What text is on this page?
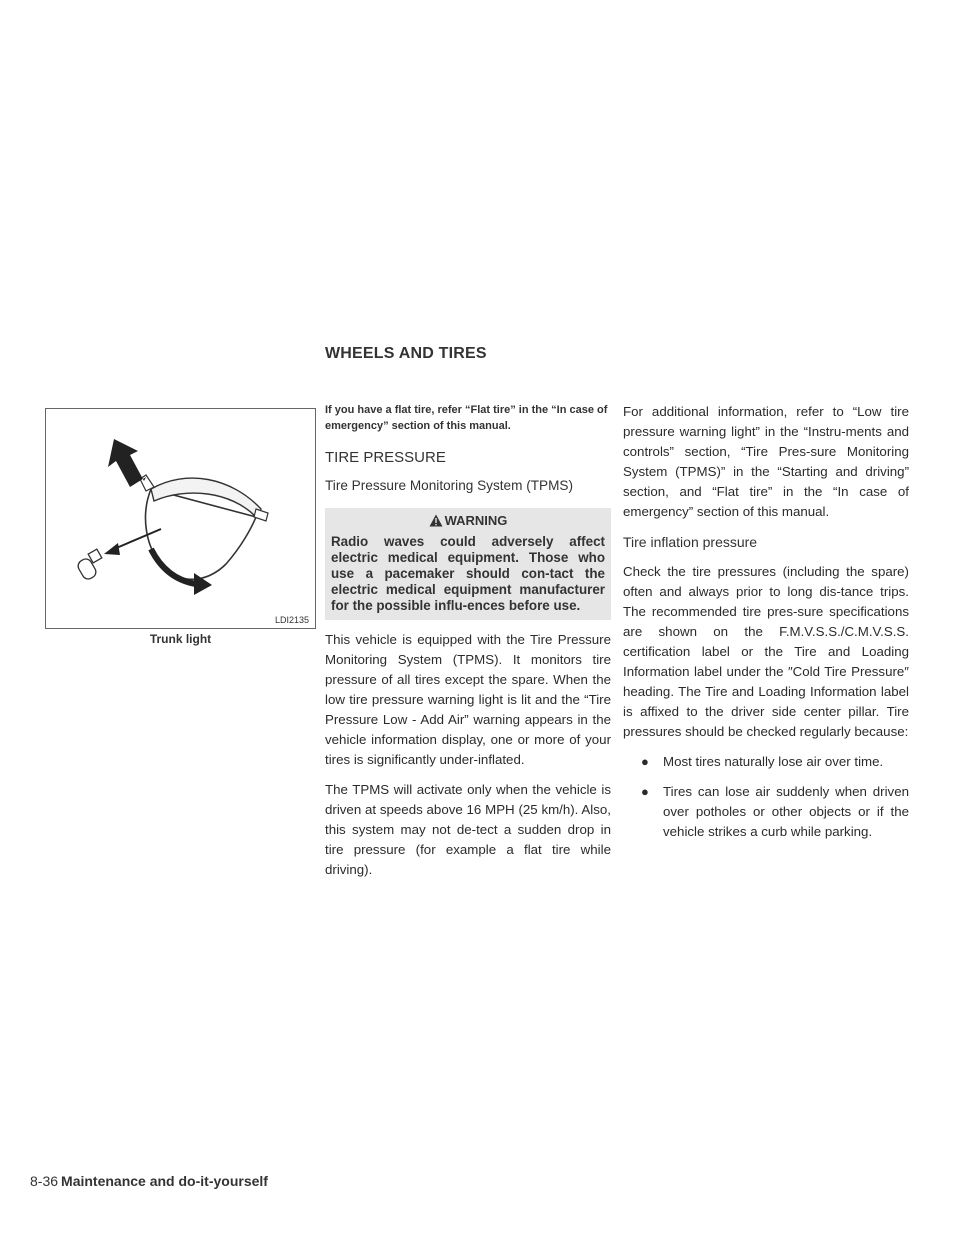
WHEELS AND TIRES
LDI2135
Trunk light

If you have a flat tire, refer “Flat tire” in the “In case of emergency” section of this manual.

TIRE PRESSURE
Tire Pressure Monitoring System (TPMS)
WARNING
Radio waves could adversely affect electric medical equipment. Those who use a pacemaker should con-tact the electric medical equipment manufacturer for the possible influ-ences before use.

This vehicle is equipped with the Tire Pressure Monitoring System (TPMS). It monitors tire pressure of all tires except the spare. When the low tire pressure warning light is lit and the “Tire Pressure Low - Add Air” warning appears in the vehicle information display, one or more of your tires is significantly under-inflated.

The TPMS will activate only when the vehicle is driven at speeds above 16 MPH (25 km/h). Also, this system may not de-tect a sudden drop in tire pressure (for example a flat tire while driving).

For additional information, refer to “Low tire pressure warning light” in the “Instru-ments and controls” section, “Tire Pres-sure Monitoring System (TPMS)” in the “Starting and driving” section, and “Flat tire” in the “In case of emergency” section of this manual.

Tire inflation pressure

Check the tire pressures (including the spare) often and always prior to long dis-tance trips. The recommended tire pres-sure specifications are shown on the F.M.V.S.S./C.M.V.S.S. certification label or the Tire and Loading Information label under the ″Cold Tire Pressure″ heading. The Tire and Loading Information label is affixed to the driver side center pillar. Tire pressures should be checked regularly because:

● Most tires naturally lose air over time.
● Tires can lose air suddenly when driven over potholes or other objects or if the vehicle strikes a curb while parking.
8-36 Maintenance and do-it-yourself
